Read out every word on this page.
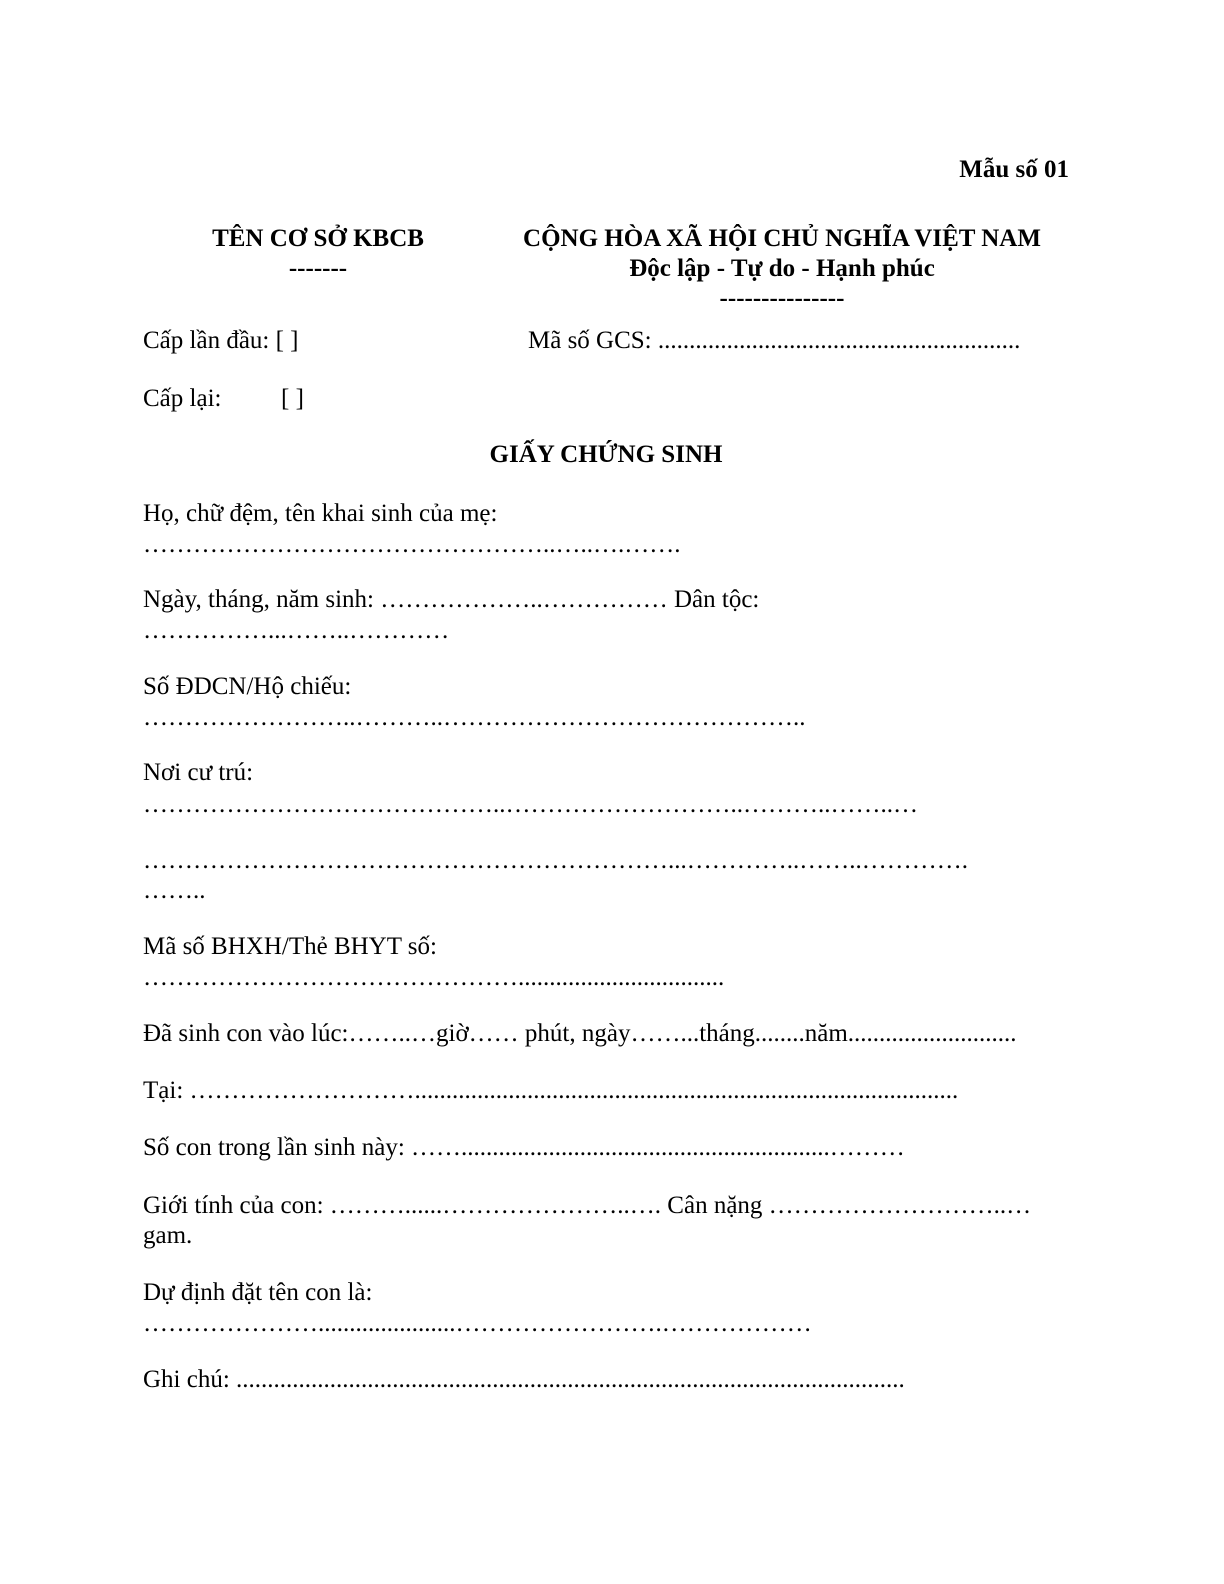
Mẫu số 01
TÊN CƠ SỞ KBCB
-------
CỘNG HÒA XÃ HỘI CHỦ NGHĨA VIỆT NAM
Độc lập - Tự do - Hạnh phúc
---------------
Cấp lần đầu: [ ]	Mã số GCS: ..........................................................
Cấp lại: [ ]
GIẤY CHỨNG SINH
Họ, chữ đệm, tên khai sinh của mẹ:
…………………………………………..…..….…….
Ngày, tháng, năm sinh: ………………..…………… Dân tộc:
……………...……..…………
Số ĐDCN/Hộ chiếu:
……………………..………..……………………………………..
Nơi cư trú:
……………………………………..………………………..………..……..…
………………………………………………………...…………..……..………….
……..
Mã số BHXH/Thẻ BHYT số:
……………………………………….................................
Đã sinh con vào lúc:……..…giờ…… phút, ngày……...tháng........năm...........................
Tại: ……………………….......................................................................................
Số con trong lần sinh này: ……...........................................................………
Giới tính của con: ………......…………………..…. Cân nặng ………………………..…
gam.
Dự định đặt tên con là:
…………………......................…………………….………………
Ghi chú: ...........................................................................................................
